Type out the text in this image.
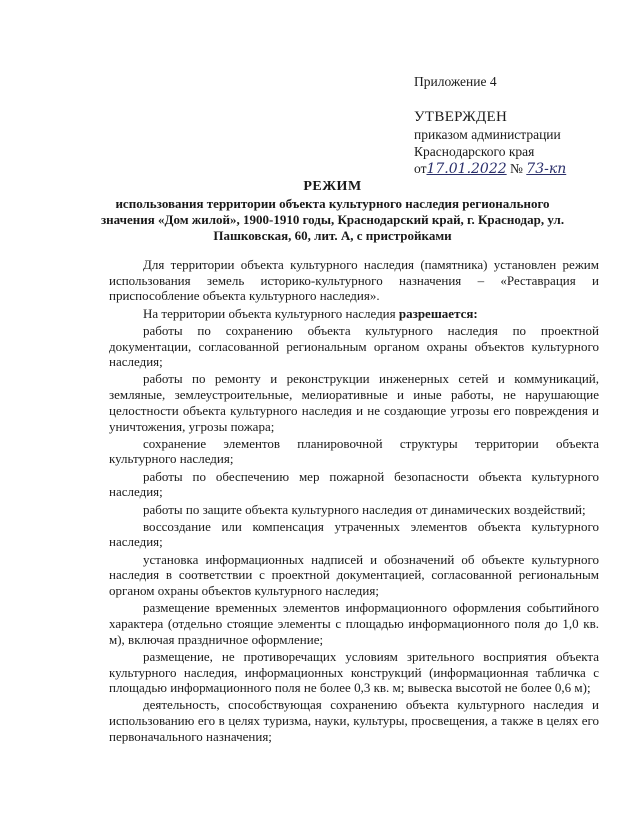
Приложение 4
УТВЕРЖДЕН
приказом администрации
Краснодарского края
от17.01.2022 № 73-кп
РЕЖИМ
использования территории объекта культурного наследия регионального значения «Дом жилой», 1900-1910 годы, Краснодарский край, г. Краснодар, ул. Пашковская, 60, лит. А, с пристройками

Для территории объекта культурного наследия (памятника) установлен режим использования земель историко-культурного назначения – «Реставрация и приспособление объекта культурного наследия».

На территории объекта культурного наследия разрешается:

работы по сохранению объекта культурного наследия по проектной документации, согласованной региональным органом охраны объектов культурного наследия;

работы по ремонту и реконструкции инженерных сетей и коммуникаций, земляные, землеустроительные, мелиоративные и иные работы, не нарушающие целостности объекта культурного наследия и не создающие угрозы его повреждения и уничтожения, угрозы пожара;

сохранение элементов планировочной структуры территории объекта культурного наследия;

работы по обеспечению мер пожарной безопасности объекта культурного наследия;

работы по защите объекта культурного наследия от динамических воздействий;

воссоздание или компенсация утраченных элементов объекта культурного наследия;

установка информационных надписей и обозначений об объекте культурного наследия в соответствии с проектной документацией, согласованной региональным органом охраны объектов культурного наследия;

размещение временных элементов информационного оформления событийного характера (отдельно стоящие элементы с площадью информационного поля до 1,0 кв. м), включая праздничное оформление;

размещение, не противоречащих условиям зрительного восприятия объекта культурного наследия, информационных конструкций (информационная табличка с площадью информационного поля не более 0,3 кв. м; вывеска высотой не более 0,6 м);

деятельность, способствующая сохранению объекта культурного наследия и использованию его в целях туризма, науки, культуры, просвещения, а также в целях его первоначального назначения;
